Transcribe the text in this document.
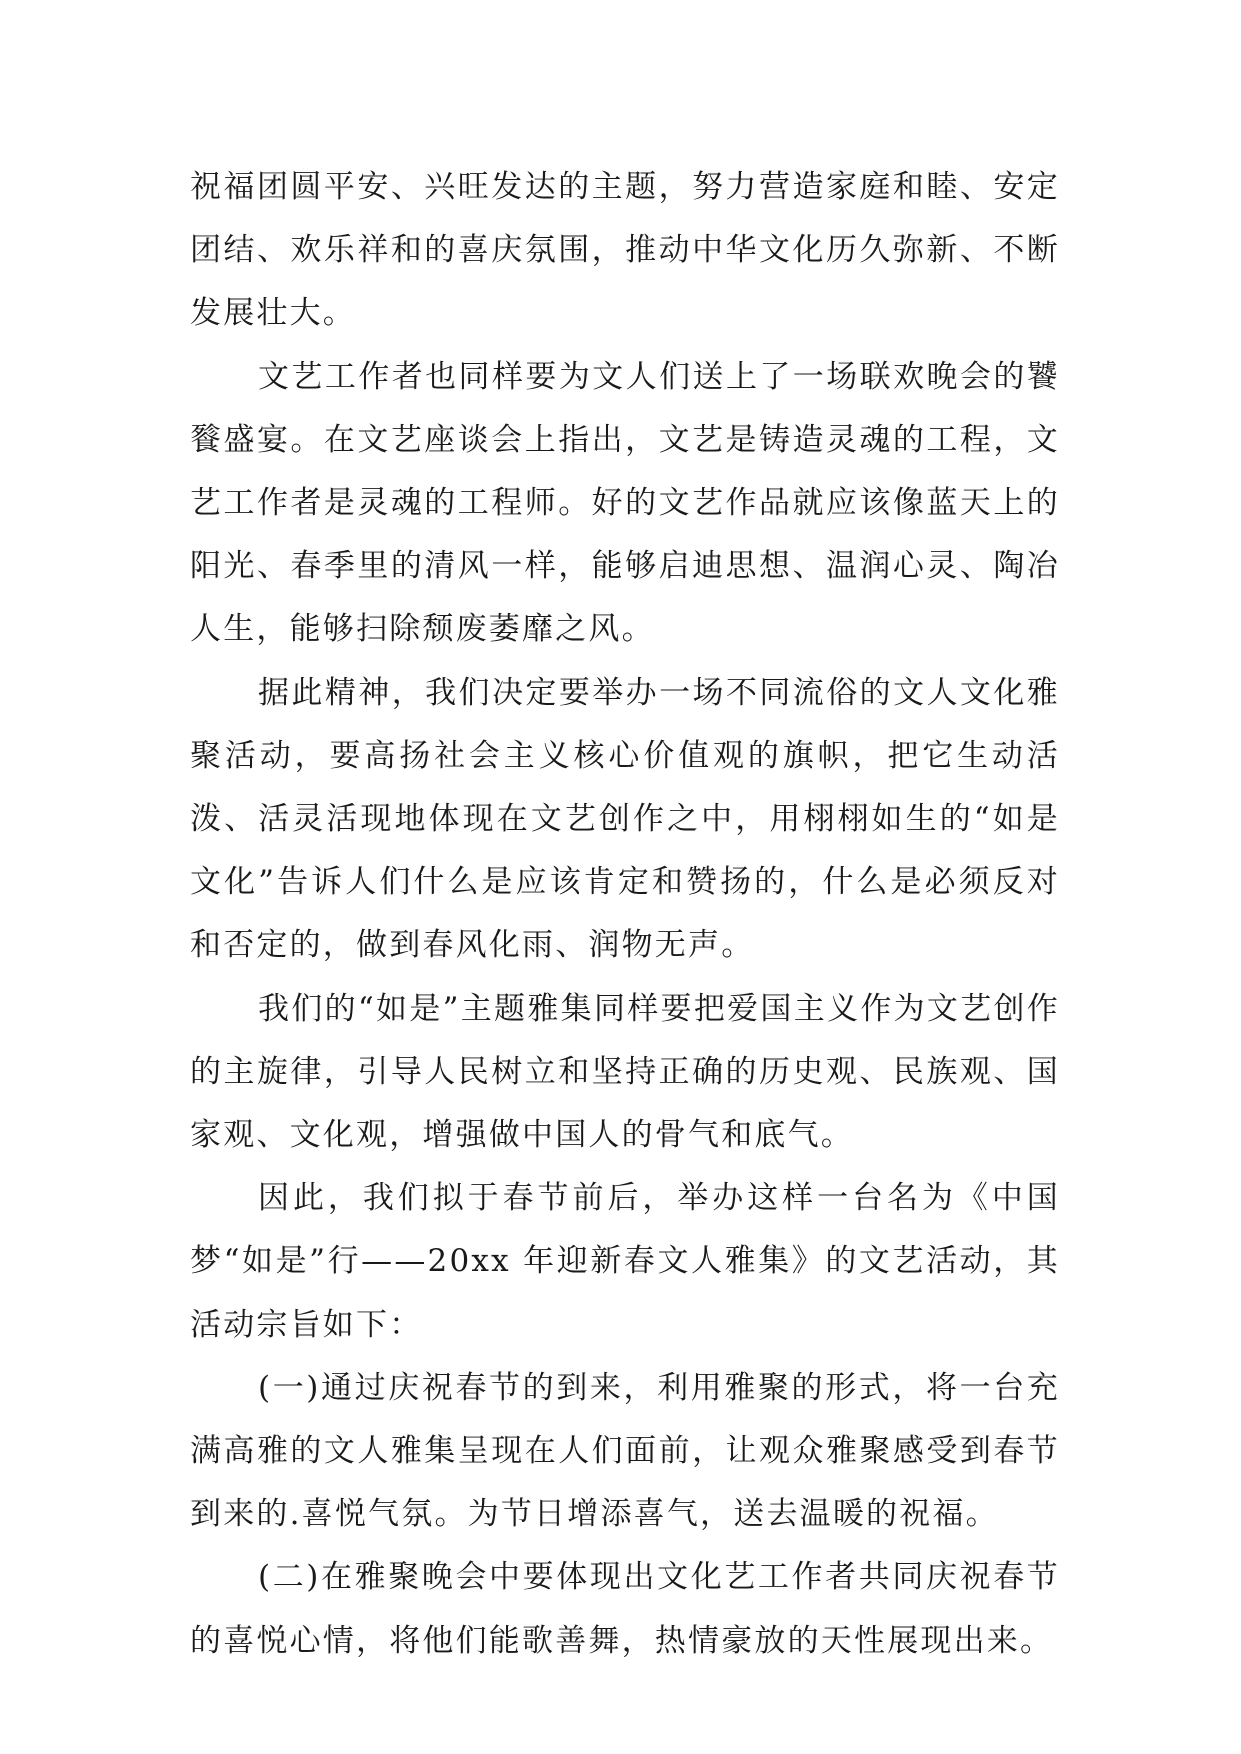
祝福团圆平安、兴旺发达的主题，努力营造家庭和睦、安定团结、欢乐祥和的喜庆氛围，推动中华文化历久弥新、不断发展壮大。

文艺工作者也同样要为文人们送上了一场联欢晚会的饕餮盛宴。在文艺座谈会上指出，文艺是铸造灵魂的工程，文艺工作者是灵魂的工程师。好的文艺作品就应该像蓝天上的阳光、春季里的清风一样，能够启迪思想、温润心灵、陶冶人生，能够扫除颓废萎靡之风。

据此精神，我们决定要举办一场不同流俗的文人文化雅聚活动，要高扬社会主义核心价值观的旗帜，把它生动活泼、活灵活现地体现在文艺创作之中，用栩栩如生的“如是文化”告诉人们什么是应该肯定和赞扬的，什么是必须反对和否定的，做到春风化雨、润物无声。

我们的“如是”主题雅集同样要把爱国主义作为文艺创作的主旋律，引导人民树立和坚持正确的历史观、民族观、国家观、文化观，增强做中国人的骨气和底气。

因此，我们拟于春节前后，举办这样一台名为《中国梦“如是”行——20xx 年迎新春文人雅集》的文艺活动，其活动宗旨如下：

(一)通过庆祝春节的到来，利用雅聚的形式，将一台充满高雅的文人雅集呈现在人们面前，让观众雅聚感受到春节到来的.喜悦气氛。为节日增添喜气，送去温暖的祝福。

(二)在雅聚晚会中要体现出文化艺工作者共同庆祝春节的喜悦心情，将他们能歌善舞，热情豪放的天性展现出来。
